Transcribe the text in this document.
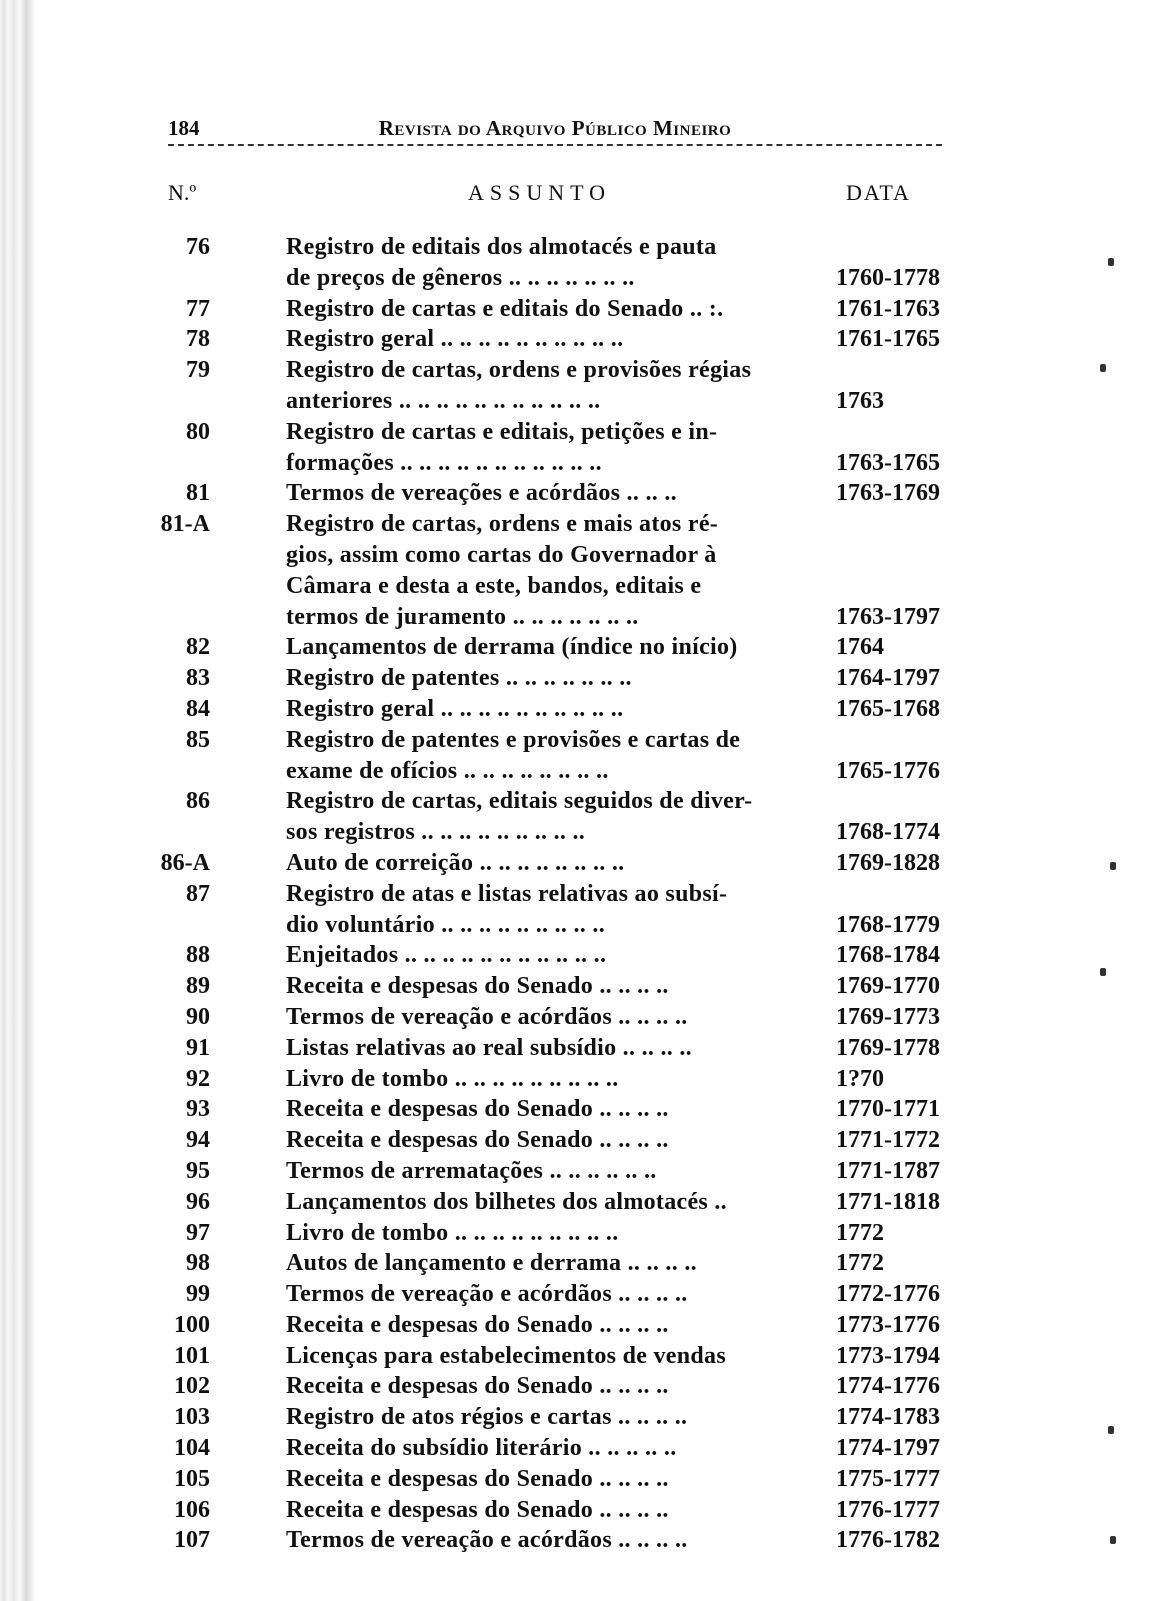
184	Revista do Arquivo Público Mineiro
N.º	ASSUNTO	DATA
76	Registro de editais dos almotacés e pauta
de preços de gêneros .. .. .. .. .. .. ..	1760-1778
77	Registro de cartas e editais do Senado .. :.	1761-1763
78	Registro geral .. .. .. .. .. .. .. .. .. ..	1761-1765
79	Registro de cartas, ordens e provisões régias
anteriores .. .. .. .. .. .. .. .. .. .. ..	1763
80	Registro de cartas e editais, petições e in-
formações .. .. .. .. .. .. .. .. .. .. ..	1763-1765
81	Termos de vereações e acórdãos .. .. ..	1763-1769
81-A	Registro de cartas, ordens e mais atos ré-
gios, assim como cartas do Governador à
Câmara e desta a este, bandos, editais e
termos de juramento .. .. .. .. .. .. ..	1763-1797
82	Lançamentos de derrama (índice no início)	1764
83	Registro de patentes .. .. .. .. .. .. ..	1764-1797
84	Registro geral .. .. .. .. .. .. .. .. .. ..	1765-1768
85	Registro de patentes e provisões e cartas de
exame de ofícios .. .. .. .. .. .. .. ..	1765-1776
86	Registro de cartas, editais seguidos de diver-
sos registros .. .. .. .. .. .. .. .. ..	1768-1774
86-A	Auto de correição .. .. .. .. .. .. .. ..	1769-1828
87	Registro de atas e listas relativas ao subsí-
dio voluntário .. .. .. .. .. .. .. .. ..	1768-1779
88	Enjeitados .. .. .. .. .. .. .. .. .. .. ..	1768-1784
89	Receita e despesas do Senado .. .. .. ..	1769-1770
90	Termos de vereação e acórdãos .. .. .. ..	1769-1773
91	Listas relativas ao real subsídio .. .. .. ..	1769-1778
92	Livro de tombo .. .. .. .. .. .. .. .. ..	1?70
93	Receita e despesas do Senado .. .. .. ..	1770-1771
94	Receita e despesas do Senado .. .. .. ..	1771-1772
95	Termos de arrematações .. .. .. .. .. ..	1771-1787
96	Lançamentos dos bilhetes dos almotacés ..	1771-1818
97	Livro de tombo .. .. .. .. .. .. .. .. ..	1772
98	Autos de lançamento e derrama .. .. .. ..	1772
99	Termos de vereação e acórdãos .. .. .. ..	1772-1776
100	Receita e despesas do Senado .. .. .. ..	1773-1776
101	Licenças para estabelecimentos de vendas	1773-1794
102	Receita e despesas do Senado .. .. .. ..	1774-1776
103	Registro de atos régios e cartas .. .. .. ..	1774-1783
104	Receita do subsídio literário .. .. .. .. ..	1774-1797
105	Receita e despesas do Senado .. .. .. ..	1775-1777
106	Receita e despesas do Senado .. .. .. ..	1776-1777
107	Termos de vereação e acórdãos .. .. .. ..	1776-1782
